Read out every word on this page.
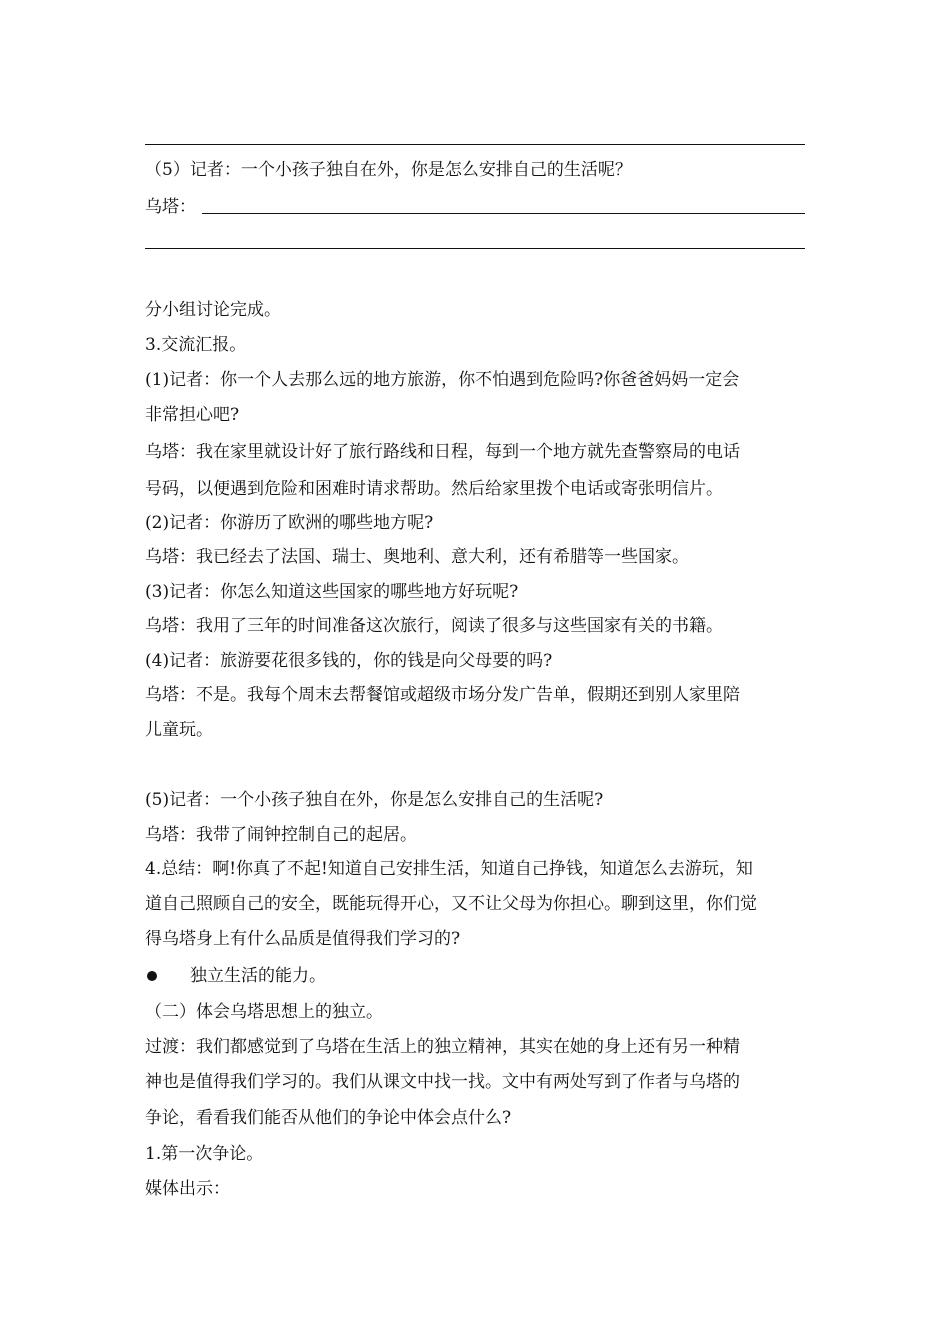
（5）记者：一个小孩子独自在外，你是怎么安排自己的生活呢？
乌塔：
分小组讨论完成。
3.交流汇报。
(1)记者：你一个人去那么远的地方旅游，你不怕遇到危险吗?你爸爸妈妈一定会
非常担心吧?
乌塔：我在家里就设计好了旅行路线和日程，每到一个地方就先查警察局的电话
号码，以便遇到危险和困难时请求帮助。然后给家里拨个电话或寄张明信片。
(2)记者：你游历了欧洲的哪些地方呢?
乌塔：我已经去了法国、瑞士、奥地利、意大利，还有希腊等一些国家。
(3)记者：你怎么知道这些国家的哪些地方好玩呢?
乌塔：我用了三年的时间准备这次旅行，阅读了很多与这些国家有关的书籍。
(4)记者：旅游要花很多钱的，你的钱是向父母要的吗?
乌塔：不是。我每个周末去帮餐馆或超级市场分发广告单，假期还到别人家里陪
儿童玩。
(5)记者：一个小孩子独自在外，你是怎么安排自己的生活呢?
乌塔：我带了闹钟控制自己的起居。
4.总结：啊!你真了不起!知道自己安排生活，知道自己挣钱，知道怎么去游玩，知
道自己照顾自己的安全，既能玩得开心，又不让父母为你担心。聊到这里，你们觉
得乌塔身上有什么品质是值得我们学习的?
独立生活的能力。
（二）体会乌塔思想上的独立。
过渡：我们都感觉到了乌塔在生活上的独立精神，其实在她的身上还有另一种精
神也是值得我们学习的。我们从课文中找一找。文中有两处写到了作者与乌塔的
争论，看看我们能否从他们的争论中体会点什么?
1.第一次争论。
媒体出示：
